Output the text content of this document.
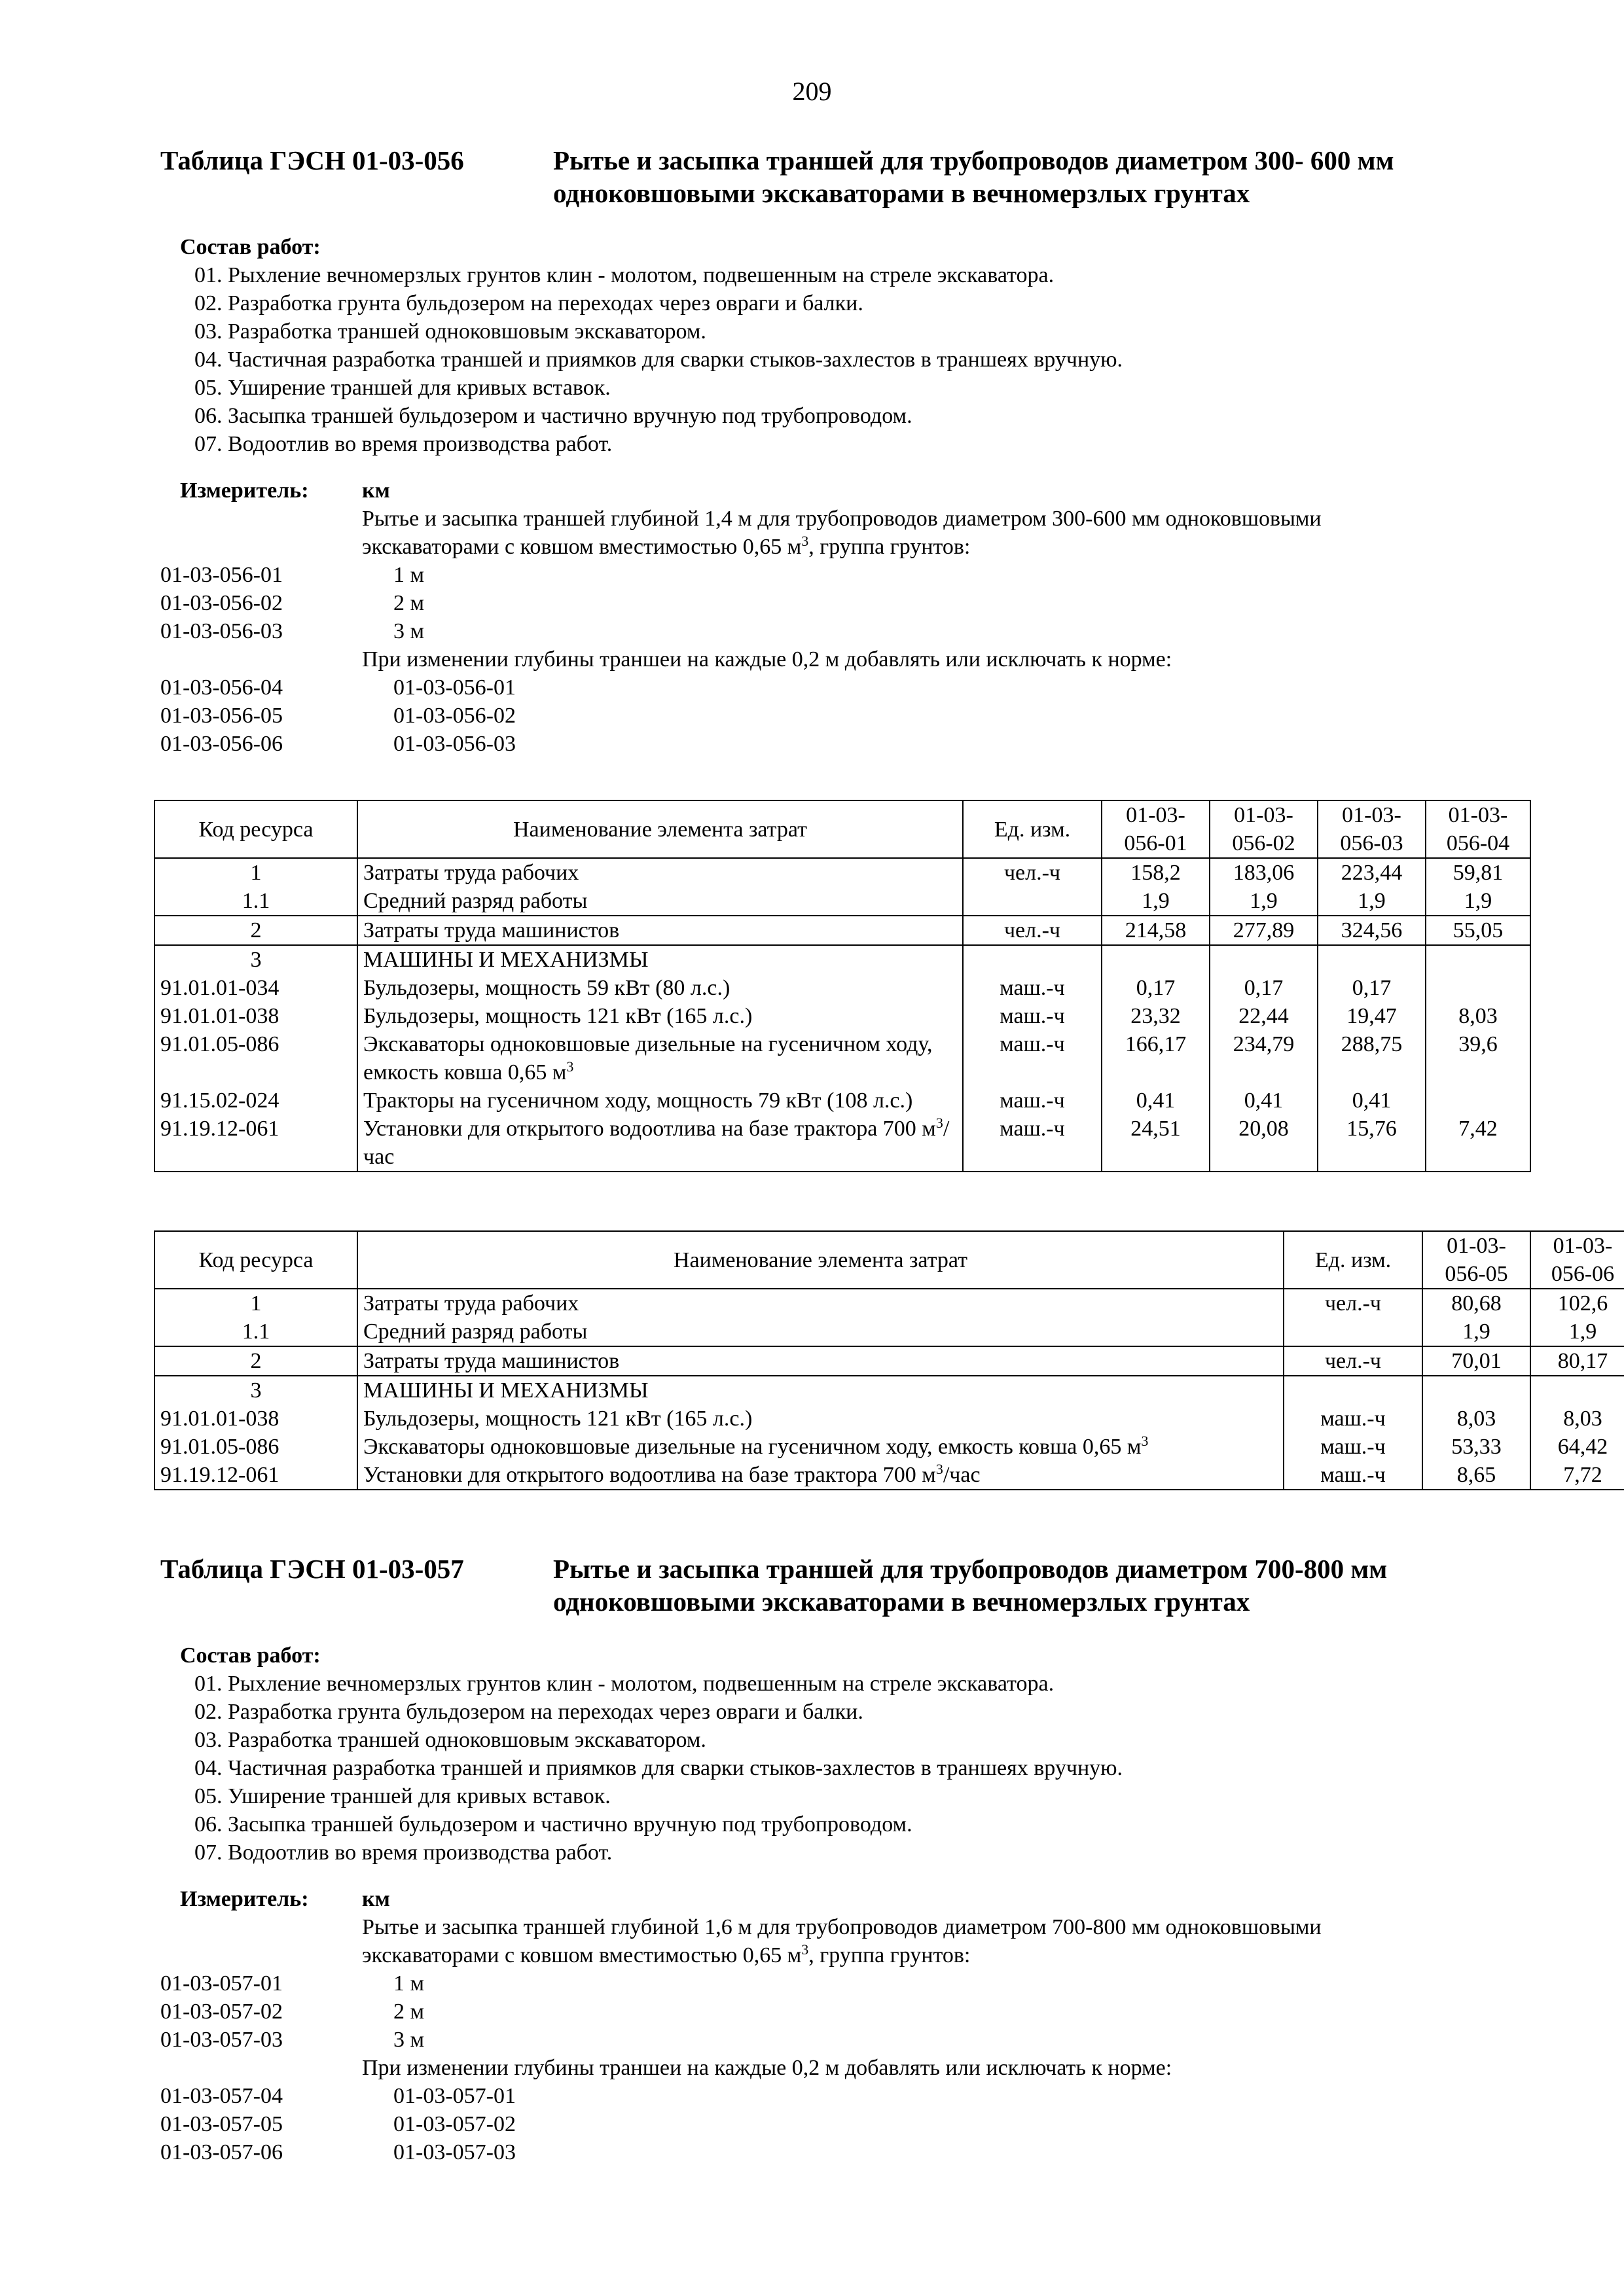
209
Таблица ГЭСН 01-03-056	Рытье и засыпка траншей для трубопроводов диаметром 300- 600 мм одноковшовыми экскаваторами в вечномерзлых грунтах
Состав работ:
01. Рыхление вечномерзлых грунтов клин - молотом, подвешенным на стреле экскаватора.
02. Разработка грунта бульдозером на переходах через овраги и балки.
03. Разработка траншей одноковшовым экскаватором.
04. Частичная разработка траншей и приямков для сварки стыков-захлестов в траншеях вручную.
05. Уширение траншей для кривых вставок.
06. Засыпка траншей бульдозером и частично вручную под трубопроводом.
07. Водоотлив во время производства работ.
Измеритель:	км
Рытье и засыпка траншей глубиной 1,4 м для трубопроводов диаметром 300-600 мм одноковшовыми
экскаваторами с ковшом вместимостью 0,65 $м^3$, группа грунтов:
01-03-056-01	1 м
01-03-056-02	2 м
01-03-056-03	3 м
При изменении глубины траншеи на каждые 0,2 м добавлять или исключать к норме:
01-03-056-04	01-03-056-01
01-03-056-05	01-03-056-02
01-03-056-06	01-03-056-03
Код ресурса	Наименование элемента затрат	Ед. изм.	01-03-056-01	01-03-056-02	01-03-056-03	01-03-056-04
1	Затраты труда рабочих	чел.-ч	158,2	183,06	223,44	59,81
1.1	Средний разряд работы		1,9	1,9	1,9	1,9
2	Затраты труда машинистов	чел.-ч	214,58	277,89	324,56	55,05
3	МАШИНЫ И МЕХАНИЗМЫ					
91.01.01-034	Бульдозеры, мощность 59 кВт (80 л.с.)	маш.-ч	0,17	0,17	0,17	
91.01.01-038	Бульдозеры, мощность 121 кВт (165 л.с.)	маш.-ч	23,32	22,44	19,47	8,03
91.01.05-086	Экскаваторы одноковшовые дизельные на гусеничном ходу, емкость ковша 0,65 $м^3$	маш.-ч	166,17	234,79	288,75	39,6
91.15.02-024	Тракторы на гусеничном ходу, мощность 79 кВт (108 л.с.)	маш.-ч	0,41	0,41	0,41	
91.19.12-061	Установки для открытого водоотлива на базе трактора 700 $м^3$/час	маш.-ч	24,51	20,08	15,76	7,42
Код ресурса	Наименование элемента затрат	Ед. изм.	01-03-056-05	01-03-056-06
1	Затраты труда рабочих	чел.-ч	80,68	102,6
1.1	Средний разряд работы		1,9	1,9
2	Затраты труда машинистов	чел.-ч	70,01	80,17
3	МАШИНЫ И МЕХАНИЗМЫ			
91.01.01-038	Бульдозеры, мощность 121 кВт (165 л.с.)	маш.-ч	8,03	8,03
91.01.05-086	Экскаваторы одноковшовые дизельные на гусеничном ходу, емкость ковша 0,65 $м^3$	маш.-ч	53,33	64,42
91.19.12-061	Установки для открытого водоотлива на базе трактора 700 $м^3$/час	маш.-ч	8,65	7,72
Таблица ГЭСН 01-03-057	Рытье и засыпка траншей для трубопроводов диаметром 700-800 мм одноковшовыми экскаваторами в вечномерзлых грунтах
Состав работ:
01. Рыхление вечномерзлых грунтов клин - молотом, подвешенным на стреле экскаватора.
02. Разработка грунта бульдозером на переходах через овраги и балки.
03. Разработка траншей одноковшовым экскаватором.
04. Частичная разработка траншей и приямков для сварки стыков-захлестов в траншеях вручную.
05. Уширение траншей для кривых вставок.
06. Засыпка траншей бульдозером и частично вручную под трубопроводом.
07. Водоотлив во время производства работ.
Измеритель:	км
Рытье и засыпка траншей глубиной 1,6 м для трубопроводов диаметром 700-800 мм одноковшовыми
экскаваторами с ковшом вместимостью 0,65 $м^3$, группа грунтов:
01-03-057-01	1 м
01-03-057-02	2 м
01-03-057-03	3 м
При изменении глубины траншеи на каждые 0,2 м добавлять или исключать к норме:
01-03-057-04	01-03-057-01
01-03-057-05	01-03-057-02
01-03-057-06	01-03-057-03
